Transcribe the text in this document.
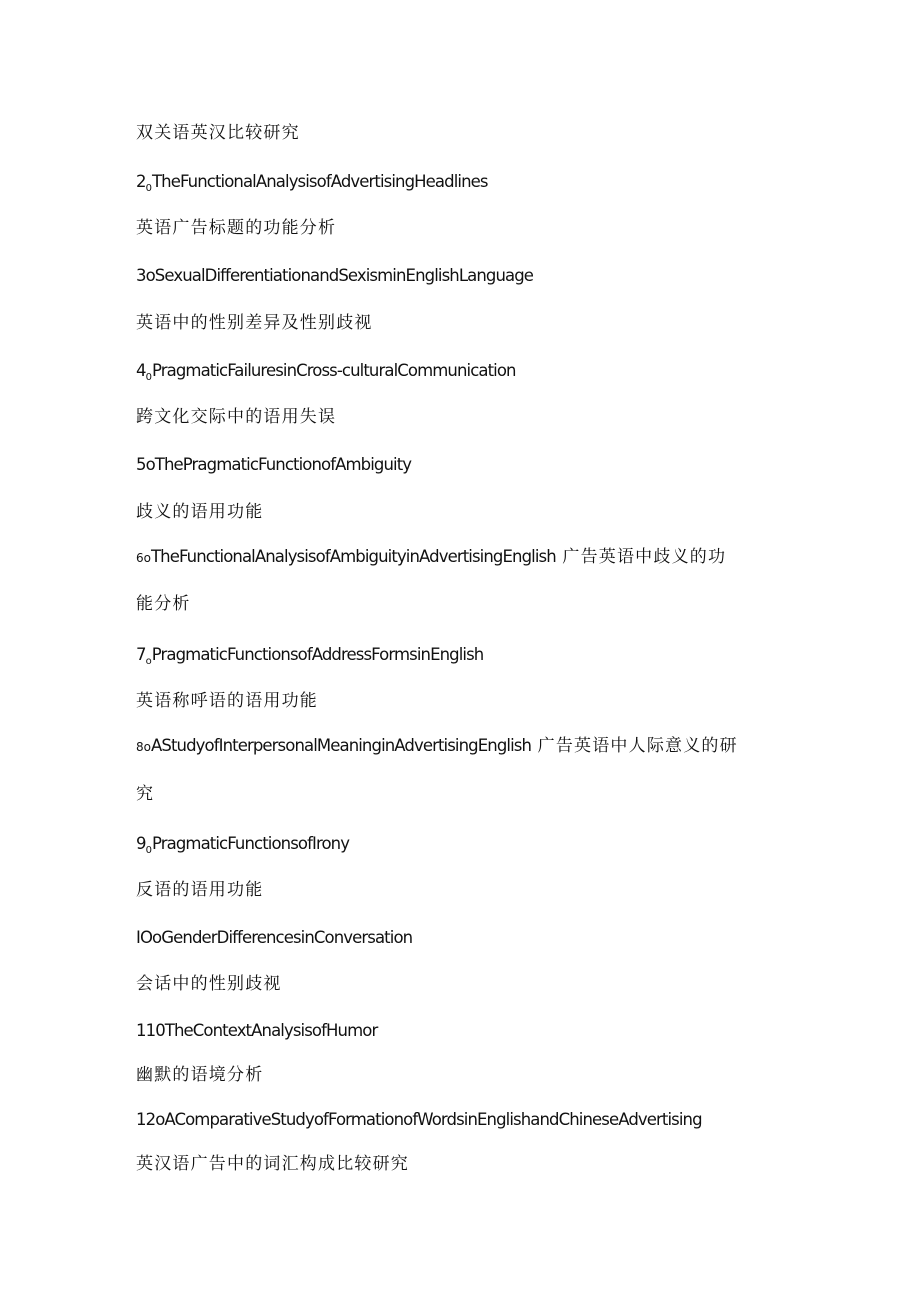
双关语英汉比较研究

$2_0TheFunctionalAnalysisofAdvertisingHeadlines$

英语广告标题的功能分析

3oSexualDifferentiationandSexisminEnglishLanguage

英语中的性别差异及性别歧视

$4_0PragmaticFailuresinCross$-culturalCommunication

跨文化交际中的语用失误

5oThePragmaticFunctionofAmbiguity

歧义的语用功能

6oTheFunctionalAnalysisofAmbiguityinAdvertisingEnglish 广告英语中歧义的功

能分析

$7_oPragmaticFunctionsofAddressFormsinEnglish$

英语称呼语的语用功能

8oAStudyofInterpersonalMeaninginAdvertisingEnglish 广告英语中人际意义的研

究

$9_0PragmaticFunctionsofIrony$

反语的语用功能

IOoGenderDifferencesinConversation

会话中的性别歧视

110TheContextAnalysisofHumor

幽默的语境分析

12oAComparativeStudyofFormationofWordsinEnglishandChineseAdvertising

英汉语广告中的词汇构成比较研究
